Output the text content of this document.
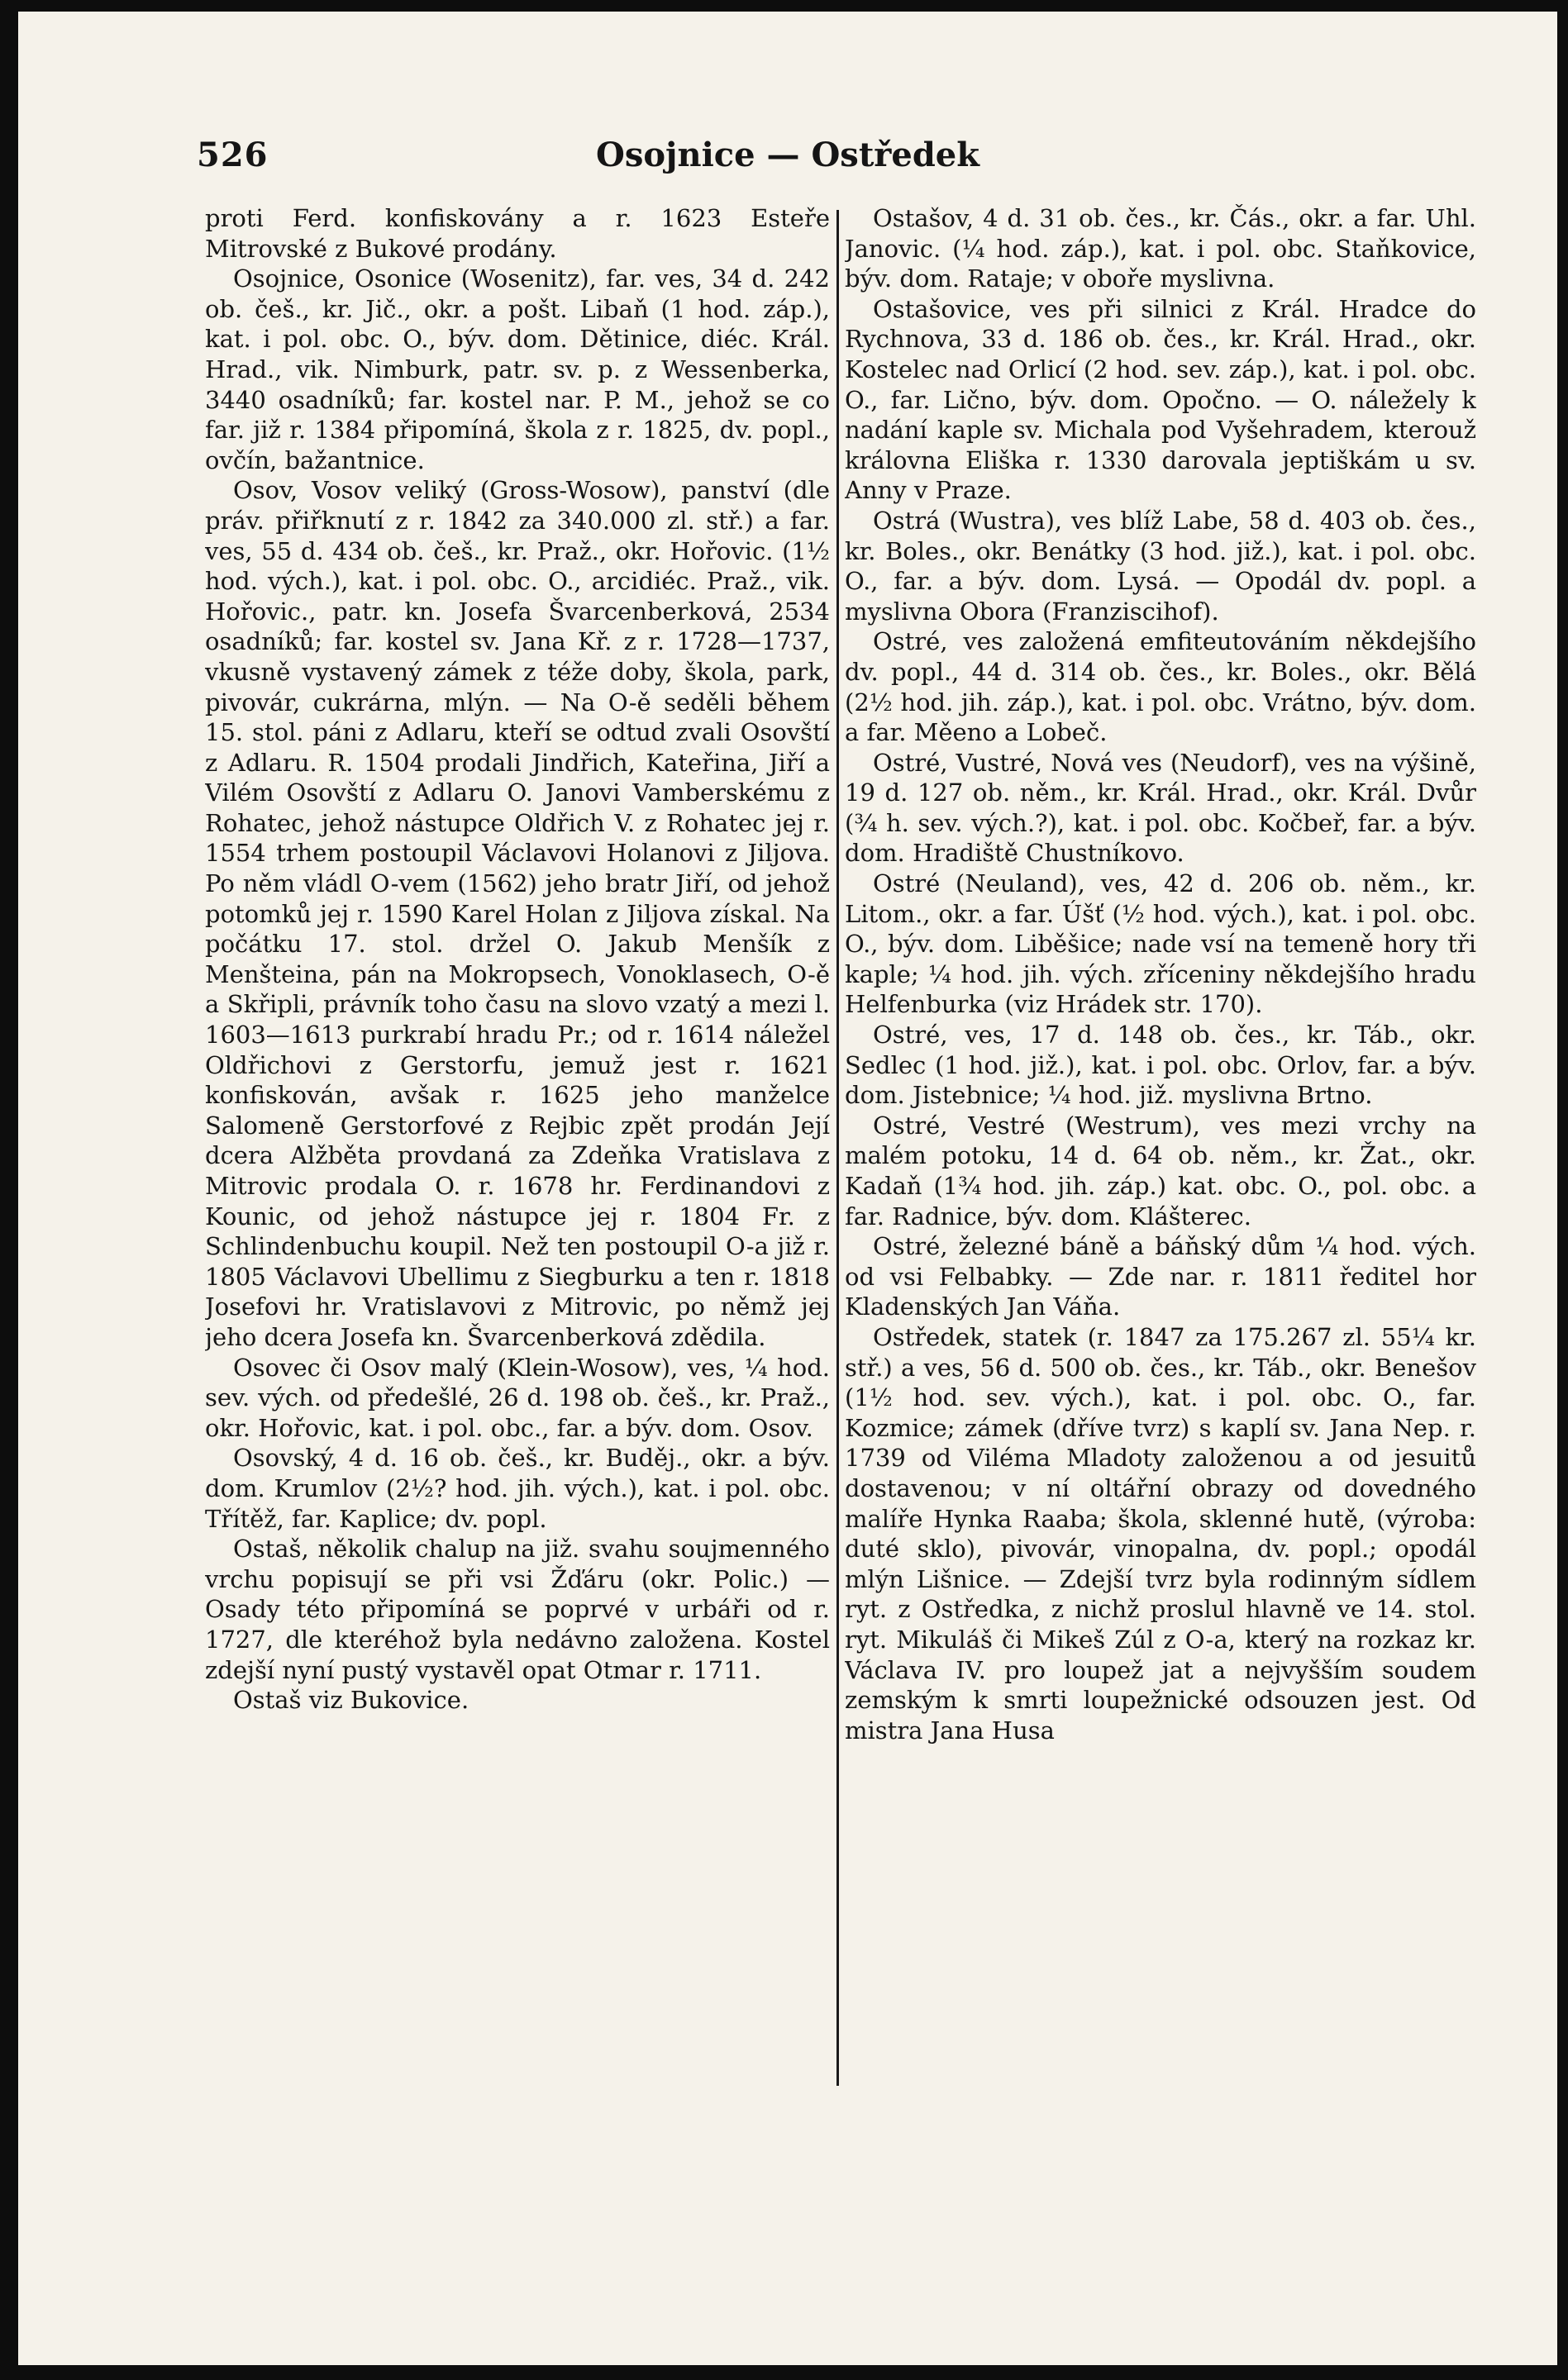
526	Osojnice — Ostředek

proti Ferd. konfiskovány a r. 1623 Esteře Mitrovské z Bukové prodány.

Osojnice, Osonice (Wosenitz), far. ves, 34 d. 242 ob. češ., kr. Jič., okr. a pošt. Libaň (1 hod. záp.), kat. i pol. obc. O., býv. dom. Dětinice, diéc. Král. Hrad., vik. Nimburk, patr. sv. p. z Wessenberka, 3440 osadníků; far. kostel nar. P. M., jehož se co far. již r. 1384 připomíná, škola z r. 1825, dv. popl., ovčín, bažantnice.

Osov, Vosov veliký (Gross-Wosow), panství (dle práv. přiřknutí z r. 1842 za 340.000 zl. stř.) a far. ves, 55 d. 434 ob. češ., kr. Praž., okr. Hořovic. (1½ hod. vých.), kat. i pol. obc. O., arcidiéc. Praž., vik. Hořovic., patr. kn. Josefa Švarcenberková, 2534 osadníků; far. kostel sv. Jana Kř. z r. 1728—1737, vkusně vystavený zámek z téže doby, škola, park, pivovár, cukrárna, mlýn. — Na O-ě seděli během 15. stol. páni z Adlaru, kteří se odtud zvali Osovští z Adlaru. R. 1504 prodali Jindřich, Kateřina, Jiří a Vilém Osovští z Adlaru O. Janovi Vamberskému z Rohatec, jehož nástupce Oldřich V. z Rohatec jej r. 1554 trhem postoupil Václavovi Holanovi z Jiljova. Po něm vládl O-vem (1562) jeho bratr Jiří, od jehož potomků jej r. 1590 Karel Holan z Jiljova získal. Na počátku 17. stol. držel O. Jakub Menšík z Menšteina, pán na Mokropsech, Vonoklasech, O-ě a Skřipli, právník toho času na slovo vzatý a mezi l. 1603—1613 purkrabí hradu Pr.; od r. 1614 náležel Oldřichovi z Gerstorfu, jemuž jest r. 1621 konfiskován, avšak r. 1625 jeho manželce Salomeně Gerstorfové z Rejbic zpět prodán Její dcera Alžběta provdaná za Zdeňka Vratislava z Mitrovic prodala O. r. 1678 hr. Ferdinandovi z Kounic, od jehož nástupce jej r. 1804 Fr. z Schlindenbuchu koupil. Než ten postoupil O-a již r. 1805 Václavovi Ubellimu z Siegburku a ten r. 1818 Josefovi hr. Vratislavovi z Mitrovic, po němž jej jeho dcera Josefa kn. Švarcenberková zdědila.

Osovec či Osov malý (Klein-Wosow), ves, ¼ hod. sev. vých. od předešlé, 26 d. 198 ob. češ., kr. Praž., okr. Hořovic, kat. i pol. obc., far. a býv. dom. Osov.

Osovský, 4 d. 16 ob. češ., kr. Buděj., okr. a býv. dom. Krumlov (2½? hod. jih. vých.), kat. i pol. obc. Třítěž, far. Kaplice; dv. popl.

Ostaš, několik chalup na již. svahu soujmenného vrchu popisují se při vsi Žďáru (okr. Polic.) — Osady této připomíná se poprvé v urbáři od r. 1727, dle kteréhož byla nedávno založena. Kostel zdejší nyní pustý vystavěl opat Otmar r. 1711.

Ostaš viz Bukovice.

Ostašov, 4 d. 31 ob. čes., kr. Čás., okr. a far. Uhl. Janovic. (¼ hod. záp.), kat. i pol. obc. Staňkovice, býv. dom. Rataje; v oboře myslivna.

Ostašovice, ves při silnici z Král. Hradce do Rychnova, 33 d. 186 ob. čes., kr. Král. Hrad., okr. Kostelec nad Orlicí (2 hod. sev. záp.), kat. i pol. obc. O., far. Lično, býv. dom. Opočno. — O. náležely k nadání kaple sv. Michala pod Vyšehradem, kterouž královna Eliška r. 1330 darovala jeptiškám u sv. Anny v Praze.

Ostrá (Wustra), ves blíž Labe, 58 d. 403 ob. čes., kr. Boles., okr. Benátky (3 hod. již.), kat. i pol. obc. O., far. a býv. dom. Lysá. — Opodál dv. popl. a myslivna Obora (Franziscihof).

Ostré, ves založená emfiteutováním někdejšího dv. popl., 44 d. 314 ob. čes., kr. Boles., okr. Bělá (2½ hod. jih. záp.), kat. i pol. obc. Vrátno, býv. dom. a far. Měeno a Lobeč.

Ostré, Vustré, Nová ves (Neudorf), ves na výšině, 19 d. 127 ob. něm., kr. Král. Hrad., okr. Král. Dvůr (¾ h. sev. vých.?), kat. i pol. obc. Kočbeř, far. a býv. dom. Hradiště Chustníkovo.

Ostré (Neuland), ves, 42 d. 206 ob. něm., kr. Litom., okr. a far. Úšť (½ hod. vých.), kat. i pol. obc. O., býv. dom. Liběšice; nade vsí na temeně hory tři kaple; ¼ hod. jih. vých. zříceniny někdejšího hradu Helfenburka (viz Hrádek str. 170).

Ostré, ves, 17 d. 148 ob. čes., kr. Táb., okr. Sedlec (1 hod. již.), kat. i pol. obc. Orlov, far. a býv. dom. Jistebnice; ¼ hod. již. myslivna Brtno.

Ostré, Vestré (Westrum), ves mezi vrchy na malém potoku, 14 d. 64 ob. něm., kr. Žat., okr. Kadaň (1¾ hod. jih. záp.) kat. obc. O., pol. obc. a far. Radnice, býv. dom. Klášterec.

Ostré, železné báně a báňský dům ¼ hod. vých. od vsi Felbabky. — Zde nar. r. 1811 ředitel hor Kladenských Jan Váňa.

Ostředek, statek (r. 1847 za 175.267 zl. 55¼ kr. stř.) a ves, 56 d. 500 ob. čes., kr. Táb., okr. Benešov (1½ hod. sev. vých.), kat. i pol. obc. O., far. Kozmice; zámek (dříve tvrz) s kaplí sv. Jana Nep. r. 1739 od Viléma Mladoty založenou a od jesuitů dostavenou; v ní oltářní obrazy od dovedného malíře Hynka Raaba; škola, sklenné hutě, (výroba: duté sklo), pivovár, vinopalna, dv. popl.; opodál mlýn Lišnice. — Zdejší tvrz byla rodinným sídlem ryt. z Ostředka, z nichž proslul hlavně ve 14. stol. ryt. Mikuláš či Mikeš Zúl z O-a, který na rozkaz kr. Václava IV. pro loupež jat a nejvyšším soudem zemským k smrti loupežnické odsouzen jest. Od mistra Jana Husa
